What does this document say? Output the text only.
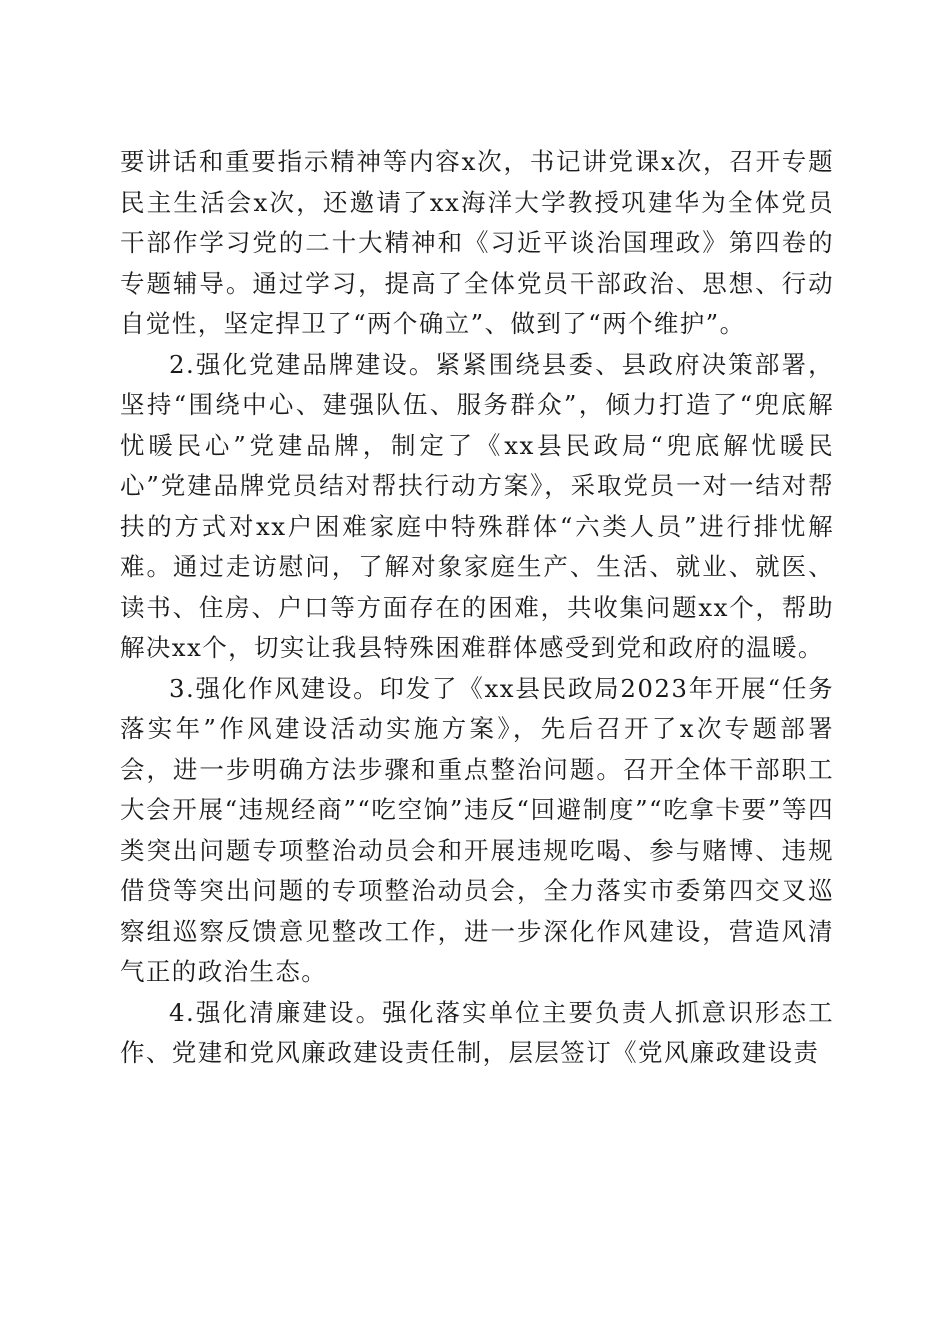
要讲话和重要指示精神等内容x次，书记讲党课x次，召开专题民主生活会x次，还邀请了xx海洋大学教授巩建华为全体党员干部作学习党的二十大精神和《习近平谈治国理政》第四卷的专题辅导。通过学习，提高了全体党员干部政治、思想、行动自觉性，坚定捍卫了“两个确立”、做到了“两个维护”。

2.强化党建品牌建设。紧紧围绕县委、县政府决策部署，坚持“围绕中心、建强队伍、服务群众”，倾力打造了“兜底解忧暖民心”党建品牌，制定了《xx县民政局“兜底解忧暖民心”党建品牌党员结对帮扶行动方案》，采取党员一对一结对帮扶的方式对xx户困难家庭中特殊群体“六类人员”进行排忧解难。通过走访慰问，了解对象家庭生产、生活、就业、就医、读书、住房、户口等方面存在的困难，共收集问题xx个，帮助解决xx个，切实让我县特殊困难群体感受到党和政府的温暖。

3.强化作风建设。印发了《xx县民政局2023年开展“任务落实年”作风建设活动实施方案》，先后召开了x次专题部署会，进一步明确方法步骤和重点整治问题。召开全体干部职工大会开展“违规经商”“吃空饷”违反“回避制度”“吃拿卡要”等四类突出问题专项整治动员会和开展违规吃喝、参与赌博、违规借贷等突出问题的专项整治动员会，全力落实市委第四交叉巡察组巡察反馈意见整改工作，进一步深化作风建设，营造风清气正的政治生态。

4.强化清廉建设。强化落实单位主要负责人抓意识形态工作、党建和党风廉政建设责任制，层层签订《党风廉政建设责
